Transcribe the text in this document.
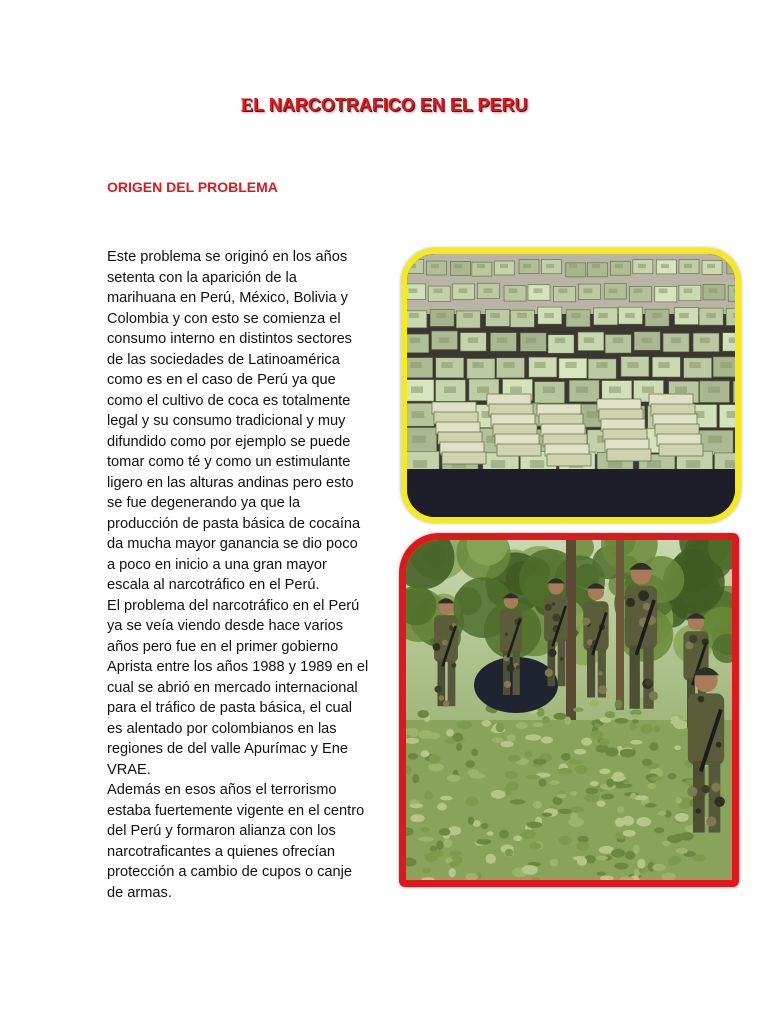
EL NARCOTRAFICO EN EL PERU
ORIGEN DEL PROBLEMA

Este problema se originó en los años setenta con la aparición de la marihuana en Perú, México, Bolivia y Colombia y con esto se comienza el consumo interno en distintos sectores de las sociedades de Latinoamérica como es en el caso de Perú ya que como el cultivo de coca es totalmente legal y su consumo tradicional y muy difundido como por ejemplo se puede tomar como té y como un estimulante ligero en las alturas andinas pero esto se fue degenerando ya que la producción de pasta básica de cocaína da mucha mayor ganancia se dio poco a poco en inicio a una gran mayor escala al narcotráfico en el Perú.

El problema del narcotráfico en el Perú ya se veía viendo desde hace varios años pero fue en el primer gobierno Aprista entre los años 1988 y 1989 en el cual se abrió en mercado internacional para el tráfico de pasta básica, el cual es alentado por colombianos en las regiones de del valle Apurímac y Ene VRAE.

Además en esos años el terrorismo estaba fuertemente vigente en el centro del Perú y formaron alianza con los narcotraficantes a quienes ofrecían protección a cambio de cupos o canje de armas.
